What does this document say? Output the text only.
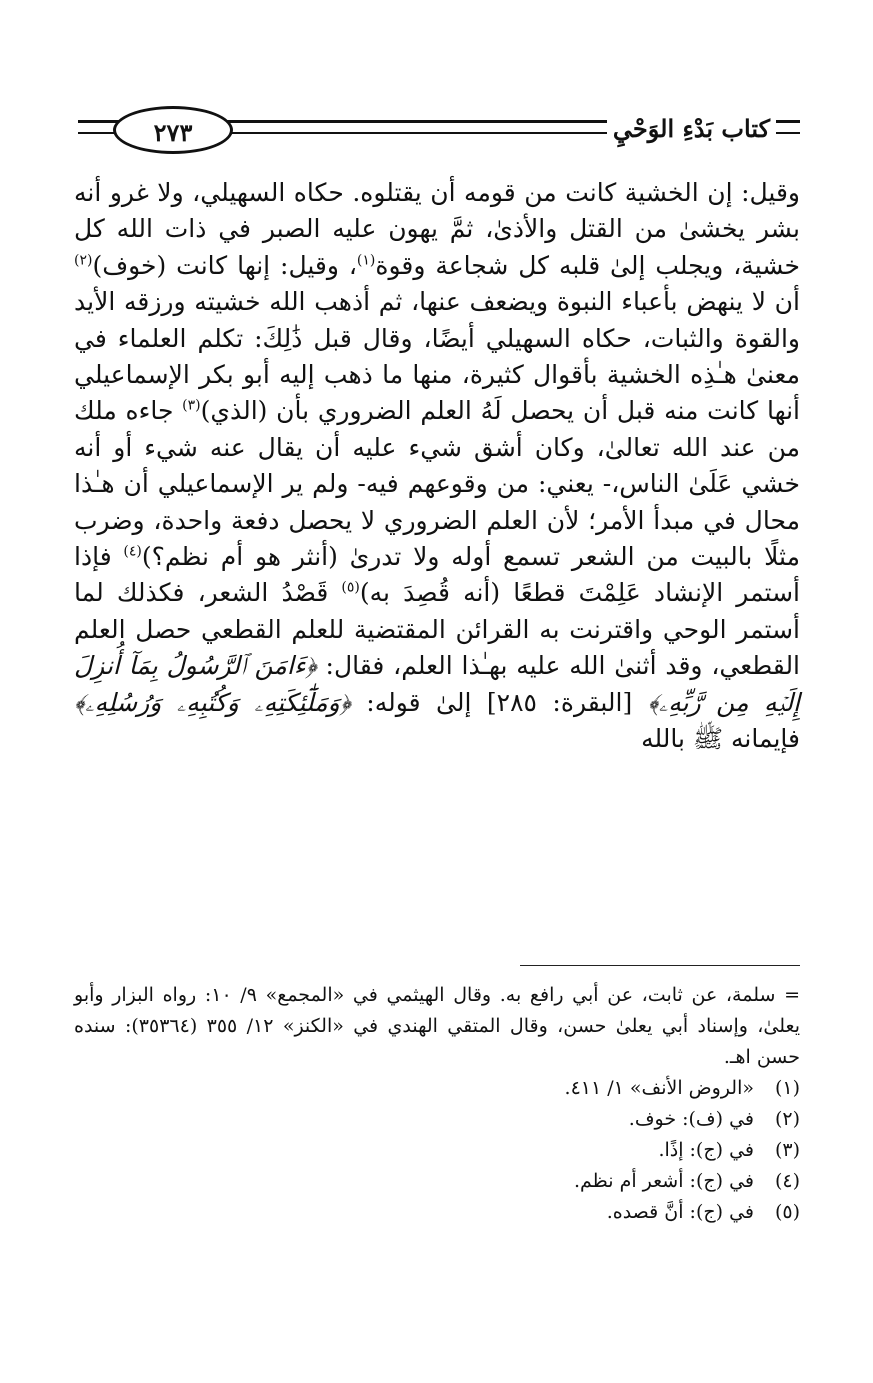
كتاب بَدْءِ الوَحْيِ
٢٧٣

وقيل: إن الخشية كانت من قومه أن يقتلوه. حكاه السهيلي، ولا غرو أنه بشر يخشىٰ من القتل والأذىٰ، ثمَّ يهون عليه الصبر في ذات الله كل خشية، ويجلب إلىٰ قلبه كل شجاعة وقوة$^{(١)}$، وقيل: إنها كانت (خوف)$^{(٢)}$ أن لا ينهض بأعباء النبوة ويضعف عنها، ثم أذهب الله خشيته ورزقه الأيد والقوة والثبات، حكاه السهيلي أيضًا، وقال قبل ذَٰلِكَ: تكلم العلماء في معنىٰ هـٰذِه الخشية بأقوال كثيرة، منها ما ذهب إليه أبو بكر الإسماعيلي أنها كانت منه قبل أن يحصل لَهُ العلم الضروري بأن (الذي)$^{(٣)}$ جاءه ملك من عند الله تعالىٰ، وكان أشق شيء عليه أن يقال عنه شيء أو أنه خشي عَلَىٰ الناس،- يعني: من وقوعهم فيه- ولم ير الإسماعيلي أن هـٰذا محال في مبدأ الأمر؛ لأن العلم الضروري لا يحصل دفعة واحدة، وضرب مثلًا بالبيت من الشعر تسمع أوله ولا تدرىٰ (أنثر هو أم نظم؟)$^{(٤)}$ فإذا أستمر الإنشاد عَلِمْتَ قطعًا (أنه قُصِدَ به)$^{(٥)}$ قَصْدُ الشعر، فكذلك لما أستمر الوحي واقترنت به القرائن المقتضية للعلم القطعي حصل العلم القطعي، وقد أثنىٰ الله عليه بهـٰذا العلم، فقال: ﴿ءَامَنَ ٱلرَّسُولُ بِمَآ أُنزِلَ إِلَيۡهِ مِن رَّبِّهِۦ﴾ [البقرة: ٢٨٥] إلىٰ قوله: ﴿وَمَلَٰٓئِكَتِهِۦ وَكُتُبِهِۦ وَرُسُلِهِۦ﴾ فإيمانه ﷺ بالله

= سلمة، عن ثابت، عن أبي رافع به. وقال الهيثمي في «المجمع» ٩/ ١٠: رواه البزار وأبو يعلىٰ، وإسناد أبي يعلىٰ حسن، وقال المتقي الهندي في «الكنز» ١٢/ ٣٥٥ (٣٥٣٦٤): سنده حسن اهـ.
(١)
«الروض الأنف» ١/ ٤١١.
(٢)
في (ف): خوف.
(٣)
في (ج): إذًا.
(٤)
في (ج): أشعر أم نظم.
(٥)
في (ج): أنَّ قصده.
